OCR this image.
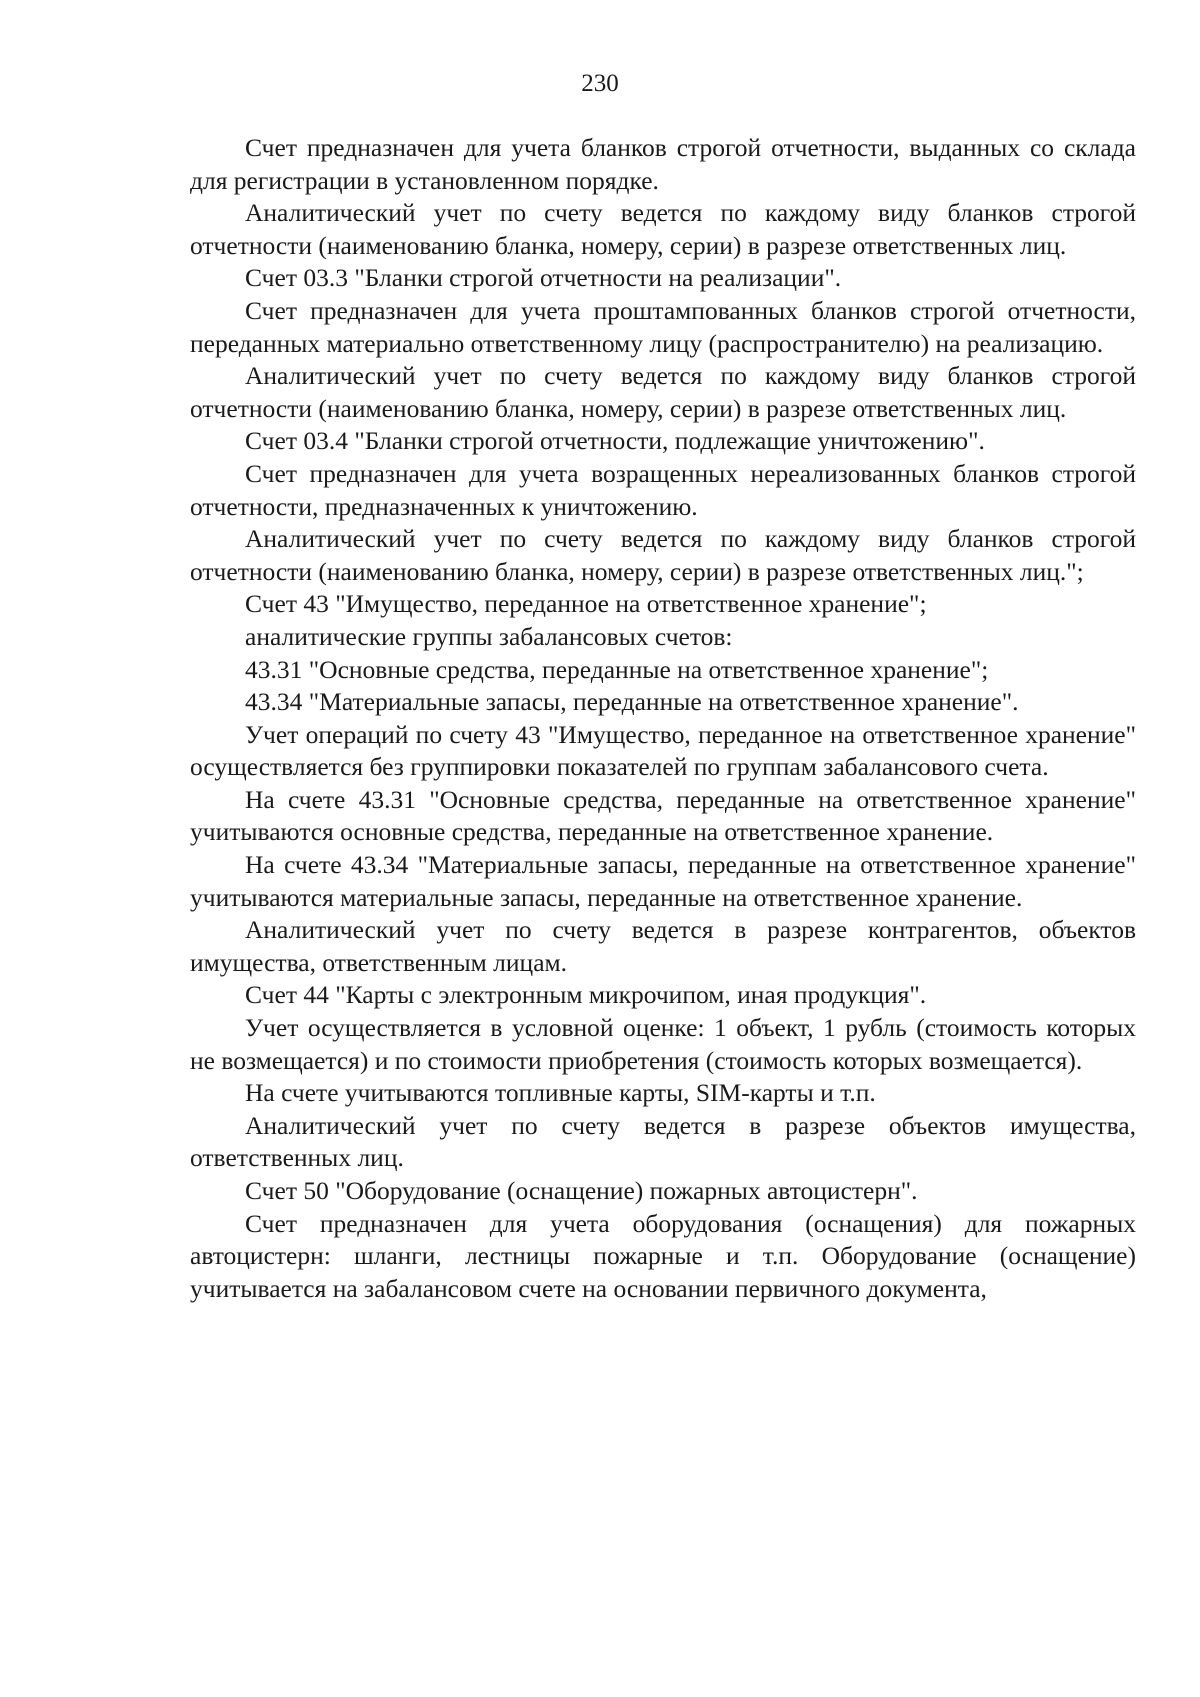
230

Счет предназначен для учета бланков строгой отчетности, выданных со склада для регистрации в установленном порядке.

Аналитический учет по счету ведется по каждому виду бланков строгой отчетности (наименованию бланка, номеру, серии) в разрезе ответственных лиц.

Счет 03.3 "Бланки строгой отчетности на реализации".

Счет предназначен для учета проштампованных бланков строгой отчетности, переданных материально ответственному лицу (распространителю) на реализацию.

Аналитический учет по счету ведется по каждому виду бланков строгой отчетности (наименованию бланка, номеру, серии) в разрезе ответственных лиц.

Счет 03.4 "Бланки строгой отчетности, подлежащие уничтожению".

Счет предназначен для учета возращенных нереализованных бланков строгой отчетности, предназначенных к уничтожению.

Аналитический учет по счету ведется по каждому виду бланков строгой отчетности (наименованию бланка, номеру, серии) в разрезе ответственных лиц.";

Счет 43 "Имущество, переданное на ответственное хранение";

аналитические группы забалансовых счетов:

43.31 "Основные средства, переданные на ответственное хранение";

43.34 "Материальные запасы, переданные на ответственное хранение".

Учет операций по счету 43 "Имущество, переданное на ответственное хранение" осуществляется без группировки показателей по группам забалансового счета.

На счете 43.31 "Основные средства, переданные на ответственное хранение" учитываются основные средства, переданные на ответственное хранение.

На счете 43.34 "Материальные запасы, переданные на ответственное хранение" учитываются материальные запасы, переданные на ответственное хранение.

Аналитический учет по счету ведется в разрезе контрагентов, объектов имущества, ответственным лицам.

Счет 44 "Карты с электронным микрочипом, иная продукция".

Учет осуществляется в условной оценке: 1 объект, 1 рубль (стоимость которых не возмещается) и по стоимости приобретения (стоимость которых возмещается).

На счете учитываются топливные карты, SIM-карты и т.п.

Аналитический учет по счету ведется в разрезе объектов имущества, ответственных лиц.

Счет 50 "Оборудование (оснащение) пожарных автоцистерн".

Счет предназначен для учета оборудования (оснащения) для пожарных автоцистерн: шланги, лестницы пожарные и т.п. Оборудование (оснащение) учитывается на забалансовом счете на основании первичного документа,
